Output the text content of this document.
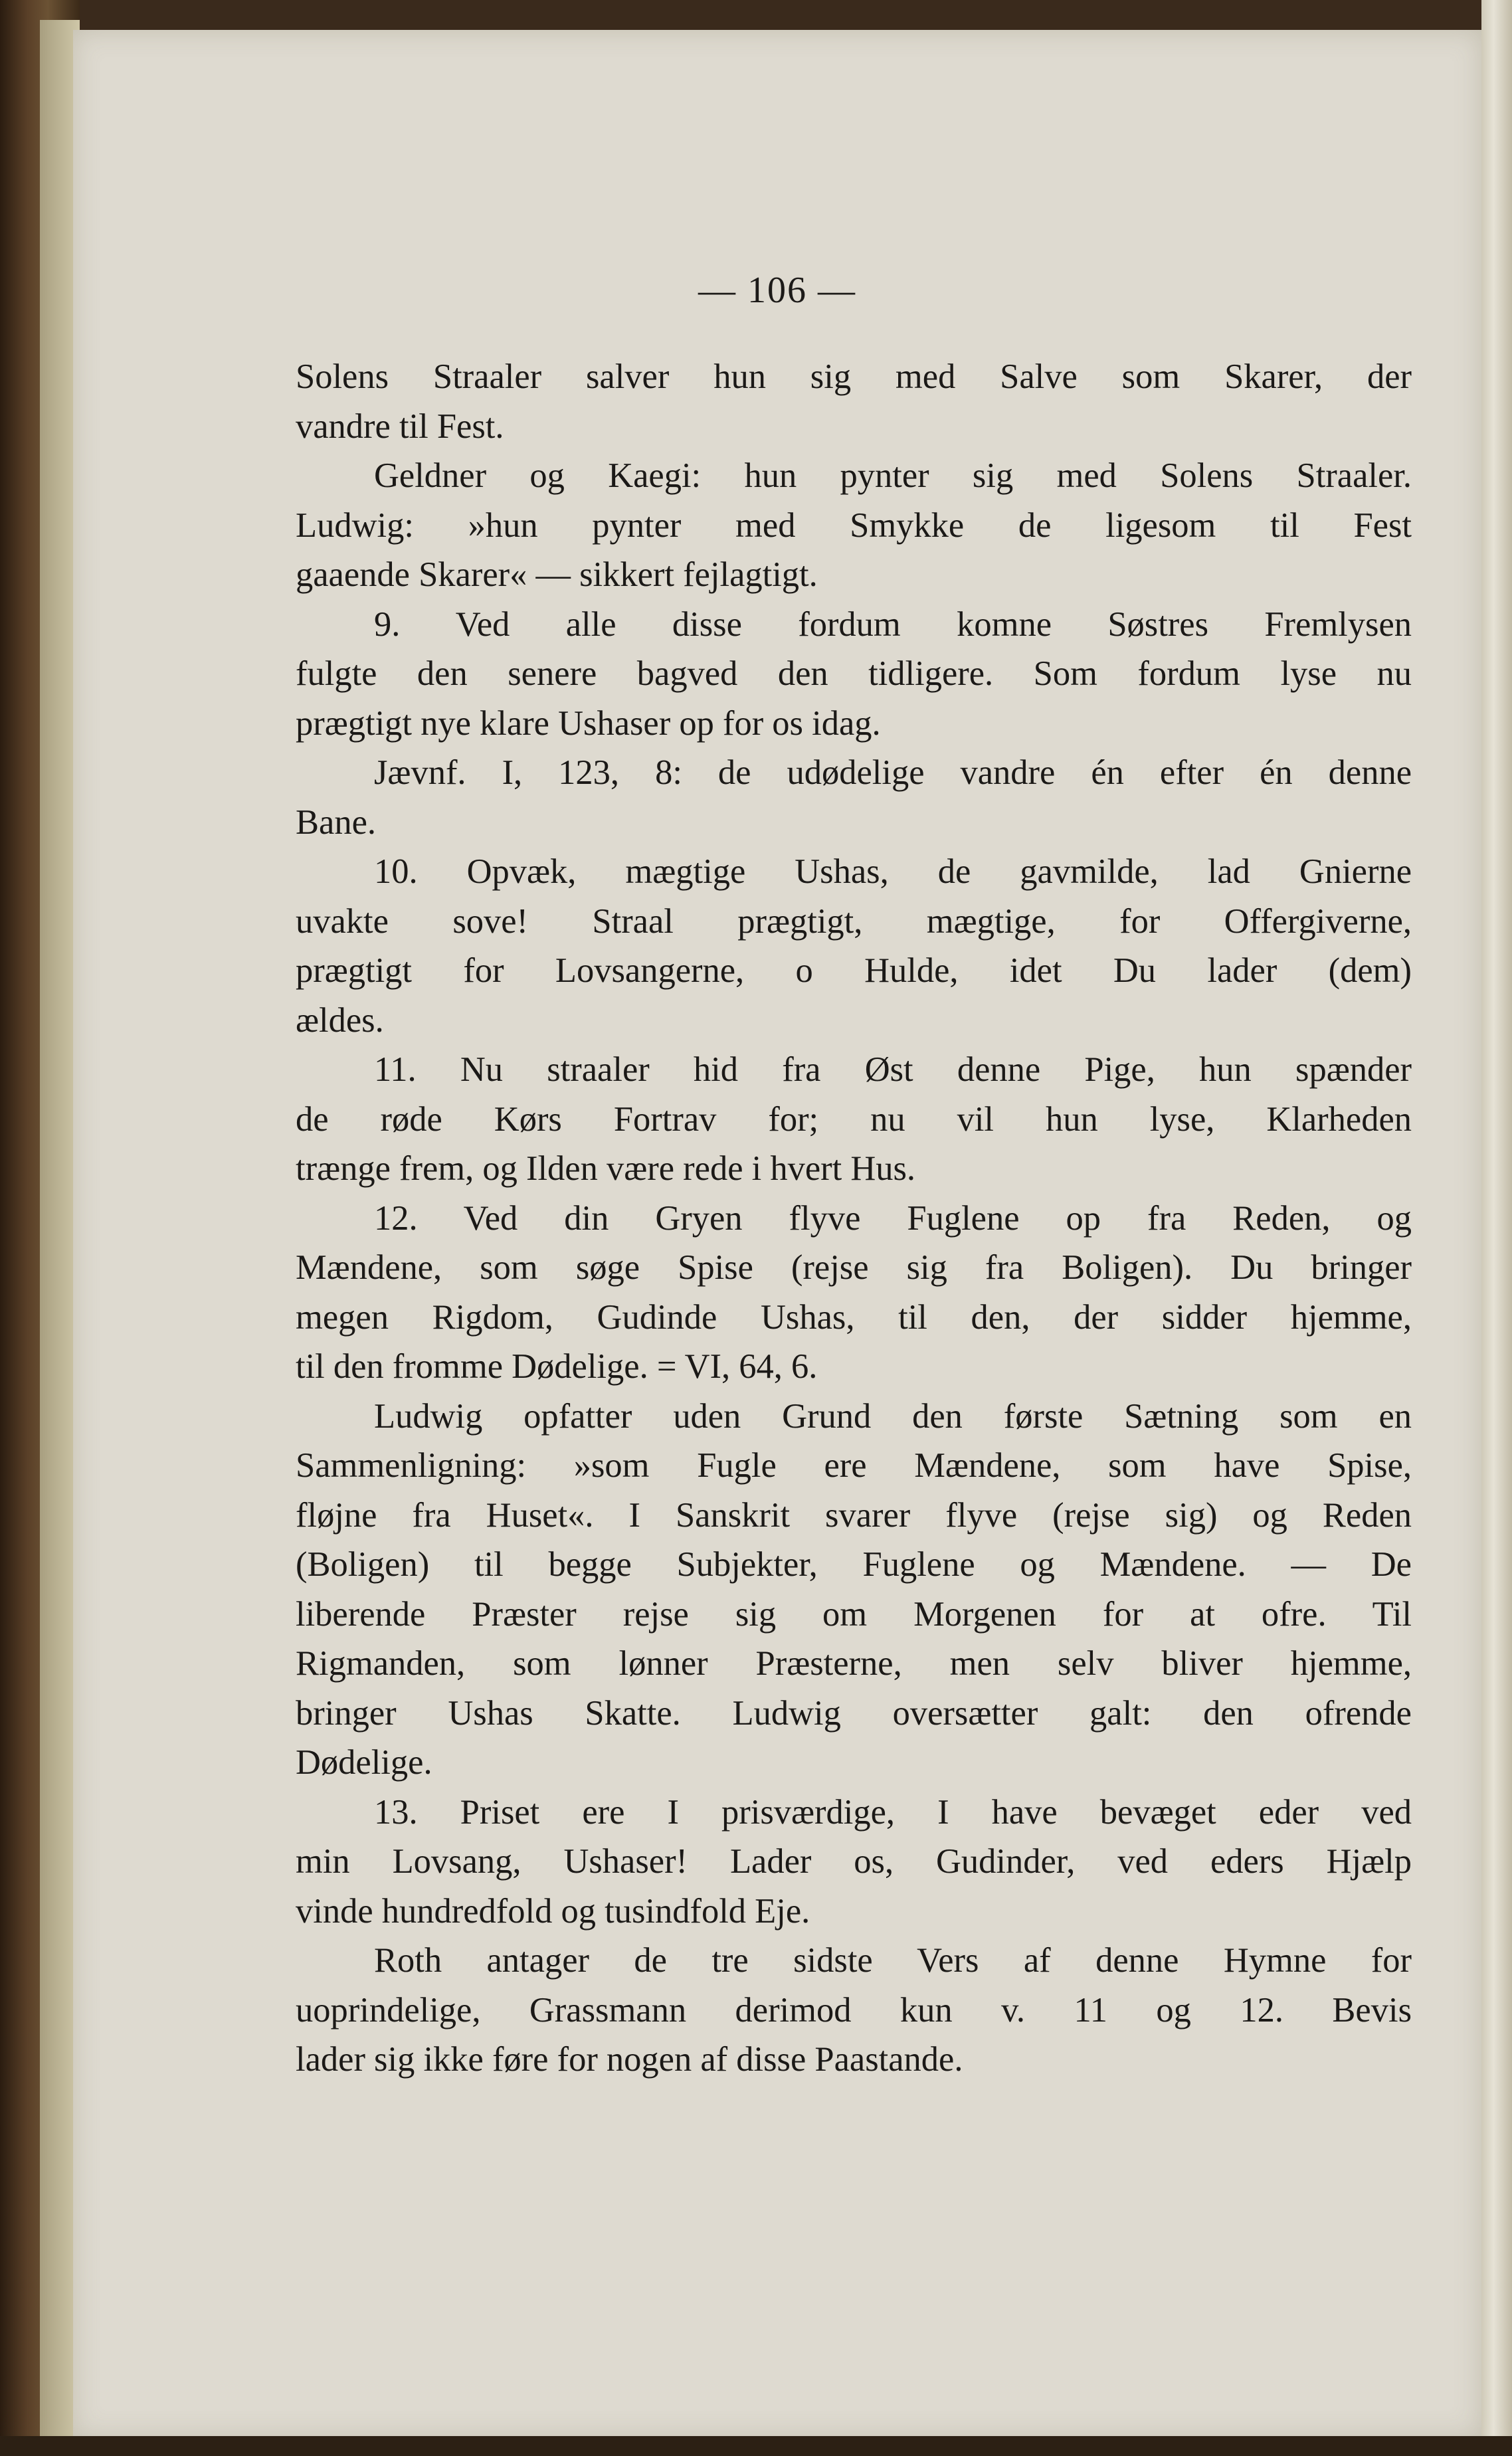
— 106 —
Solens Straaler salver hun sig med Salve som Skarer, der
vandre til Fest.
Geldner og Kaegi: hun pynter sig med Solens Straaler.
Ludwig: »hun pynter med Smykke de ligesom til Fest
gaaende Skarer« — sikkert fejlagtigt.
9. Ved alle disse fordum komne Søstres Fremlysen
fulgte den senere bagved den tidligere. Som fordum lyse nu
prægtigt nye klare Ushaser op for os idag.
Jævnf. I, 123, 8: de udødelige vandre én efter én denne
Bane.
10. Opvæk, mægtige Ushas, de gavmilde, lad Gnierne
uvakte sove! Straal prægtigt, mægtige, for Offergiverne,
prægtigt for Lovsangerne, o Hulde, idet Du lader (dem)
ældes.
11. Nu straaler hid fra Øst denne Pige, hun spænder
de røde Kørs Fortrav for; nu vil hun lyse, Klarheden
trænge frem, og Ilden være rede i hvert Hus.
12. Ved din Gryen flyve Fuglene op fra Reden, og
Mændene, som søge Spise (rejse sig fra Boligen). Du bringer
megen Rigdom, Gudinde Ushas, til den, der sidder hjemme,
til den fromme Dødelige. = VI, 64, 6.
Ludwig opfatter uden Grund den første Sætning som en
Sammenligning: »som Fugle ere Mændene, som have Spise,
fløjne fra Huset«. I Sanskrit svarer flyve (rejse sig) og Reden
(Boligen) til begge Subjekter, Fuglene og Mændene. — De
liberende Præster rejse sig om Morgenen for at ofre. Til
Rigmanden, som lønner Præsterne, men selv bliver hjemme,
bringer Ushas Skatte. Ludwig oversætter galt: den ofrende
Dødelige.
13. Priset ere I prisværdige, I have bevæget eder ved
min Lovsang, Ushaser! Lader os, Gudinder, ved eders Hjælp
vinde hundredfold og tusindfold Eje.
Roth antager de tre sidste Vers af denne Hymne for
uoprindelige, Grassmann derimod kun v. 11 og 12. Bevis
lader sig ikke føre for nogen af disse Paastande.
